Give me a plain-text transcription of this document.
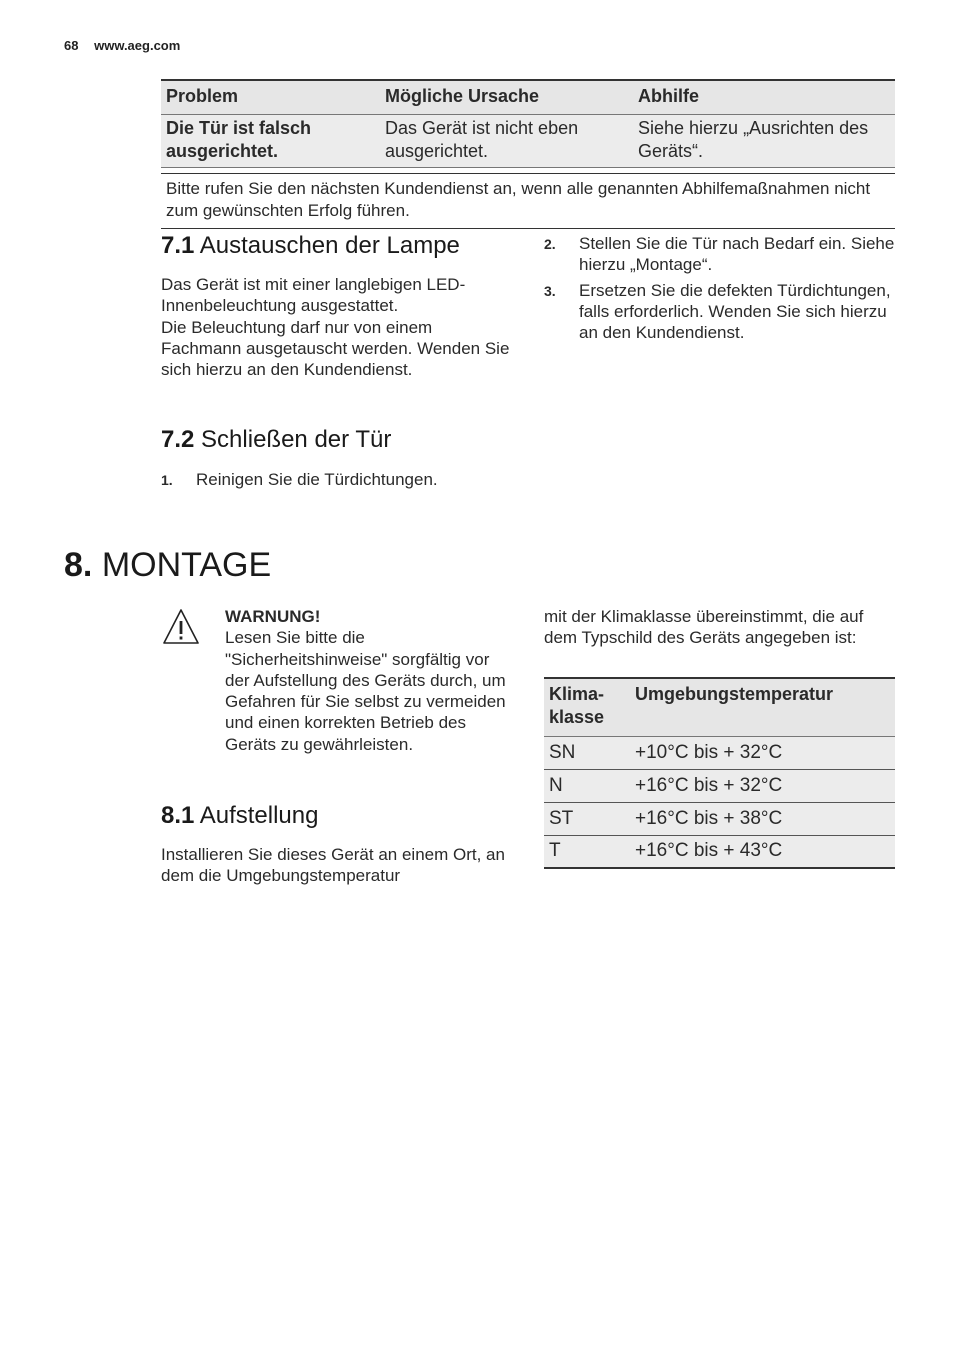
68 www.aeg.com
Problem	Mögliche Ursache	Abhilfe
Die Tür ist falsch ausgerichtet.	Das Gerät ist nicht eben ausgerichtet.	Siehe hierzu „Ausrichten des Geräts“.
Bitte rufen Sie den nächsten Kundendienst an, wenn alle genannten Abhilfemaßnahmen nicht zum gewünschten Erfolg führen.
7.1 Austauschen der Lampe

Das Gerät ist mit einer langlebigen LED-Innenbeleuchtung ausgestattet.

Die Beleuchtung darf nur von einem Fachmann ausgetauscht werden. Wenden Sie sich hierzu an den Kundendienst.

7.2 Schließen der Tür
1.	Reinigen Sie die Türdichtungen.
2.	Stellen Sie die Tür nach Bedarf ein. Siehe hierzu „Montage“.
3.	Ersetzen Sie die defekten Türdichtungen, falls erforderlich. Wenden Sie sich hierzu an den Kundendienst.
8. MONTAGE
WARNUNG!
Lesen Sie bitte die "Sicherheitshinweise" sorgfältig vor der Aufstellung des Geräts durch, um Gefahren für Sie selbst zu vermeiden und einen korrekten Betrieb des Geräts zu gewährleisten.
8.1 Aufstellung

Installieren Sie dieses Gerät an einem Ort, an dem die Umgebungstemperatur

mit der Klimaklasse übereinstimmt, die auf dem Typschild des Geräts angegeben ist:

Klima-klasse	Umgebungstemperatur
SN	+10°C bis + 32°C
N	+16°C bis + 32°C
ST	+16°C bis + 38°C
T	+16°C bis + 43°C
